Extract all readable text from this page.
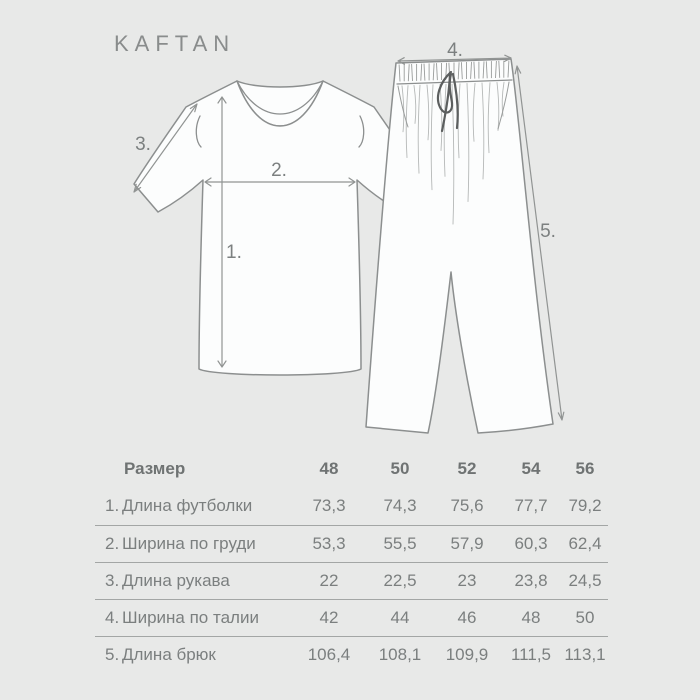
KAFTAN
1.
2.
3.
4.
5.
Размер	48	50	52	54	56
1. Длина футболки	73,3	74,3	75,6	77,7	79,2
2. Ширина по груди	53,3	55,5	57,9	60,3	62,4
3. Длина рукава	22	22,5	23	23,8	24,5
4. Ширина по талии	42	44	46	48	50
5. Длина брюк	106,4	108,1	109,9	111,5	113,1
